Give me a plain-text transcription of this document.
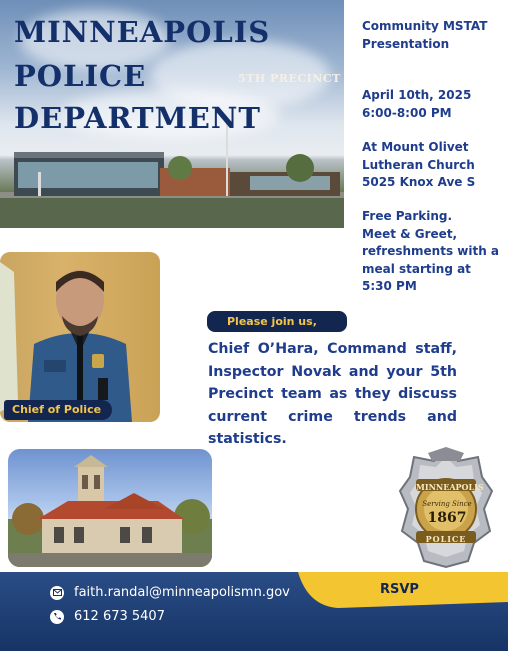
MINNEAPOLIS
POLICE
DEPARTMENT
5TH PRECINCT
Community MSTAT
Presentation
April 10th, 2025
6:00-8:00 PM
At Mount Olivet
Lutheran Church
5025 Knox Ave S
Free Parking.
Meet & Greet,
refreshments with a
meal starting at
5:30 PM
Chief of Police
Please join us,
Chief O’Hara, Command staff, Inspector Novak and your 5th Precinct team as they discuss current crime trends and statistics.
MINNEAPOLIS
Serving Since
1867
POLICE
RSVP
faith.randal@minneapolismn.gov
612 673 5407
